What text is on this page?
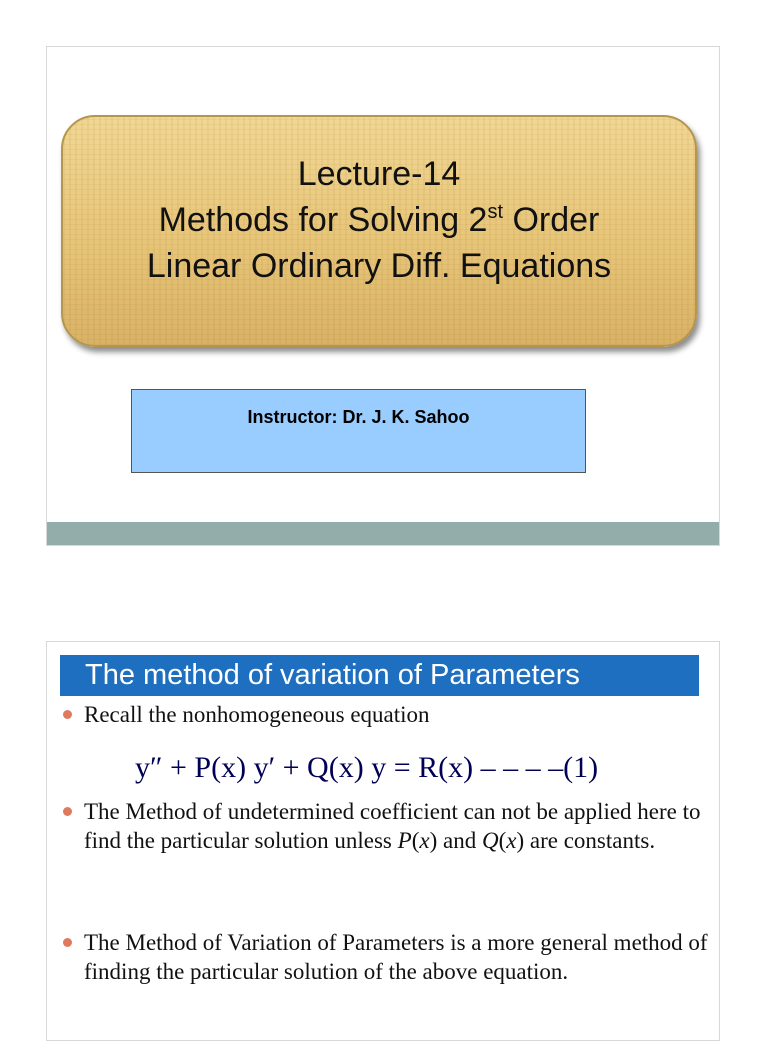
Lecture-14
Methods for Solving 2st Order
Linear Ordinary Diff. Equations
Instructor: Dr. J. K. Sahoo
The method of variation of Parameters
Recall the nonhomogeneous equation
y″ + P(x) y′ + Q(x) y = R(x) – – – –(1)
The Method of undetermined coefficient can not be applied here to find the particular solution unless P(x) and Q(x) are constants.
The Method of Variation of Parameters is a more general method of finding the particular solution of the above equation.
